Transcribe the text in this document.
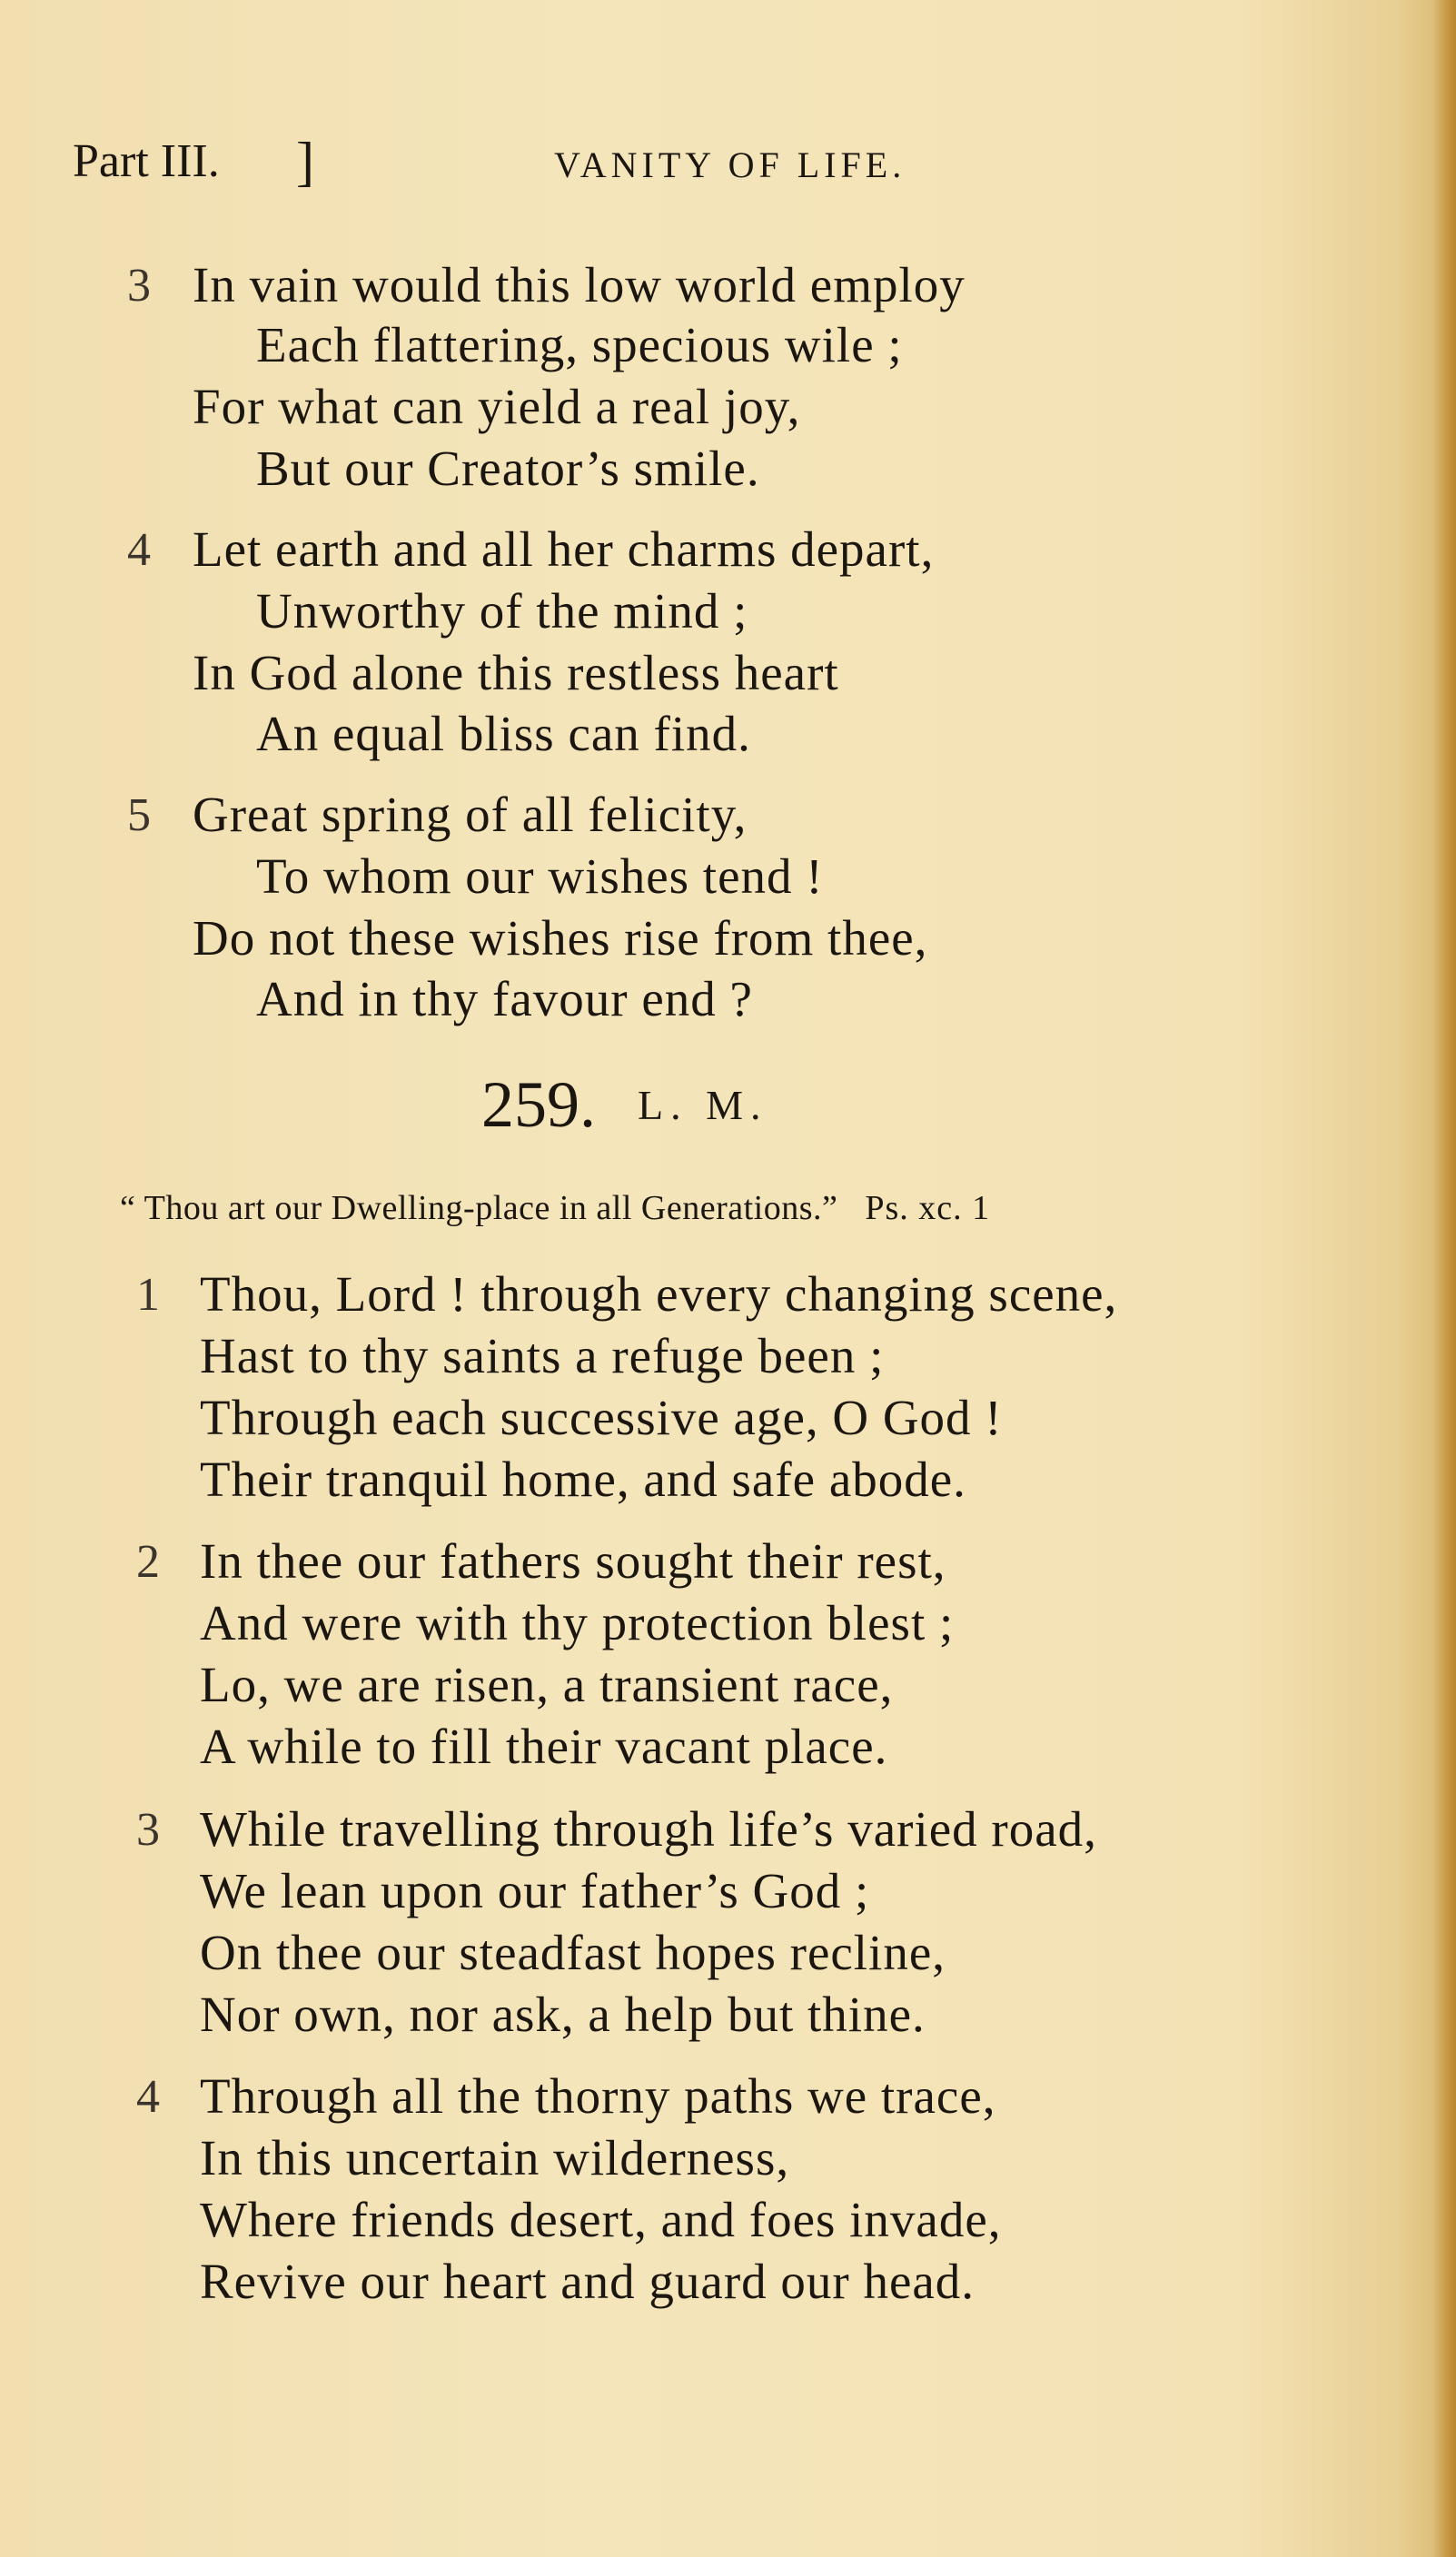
Part III. ]	VANITY OF LIFE.
3 In vain would this low world employ
Each flattering, specious wile ;
For what can yield a real joy,
But our Creator’s smile.
4 Let earth and all her charms depart,
Unworthy of the mind ;
In God alone this restless heart
An equal bliss can find.
5 Great spring of all felicity,
To whom our wishes tend !
Do not these wishes rise from thee,
And in thy favour end ?
259. L. M.
“ Thou art our Dwelling-place in all Generations.” Ps. xc. 1
1 Thou, Lord ! through every changing scene,
Hast to thy saints a refuge been ;
Through each successive age, O God !
Their tranquil home, and safe abode.
2 In thee our fathers sought their rest,
And were with thy protection blest ;
Lo, we are risen, a transient race,
A while to fill their vacant place.
3 While travelling through life’s varied road,
We lean upon our father’s God ;
On thee our steadfast hopes recline,
Nor own, nor ask, a help but thine.
4 Through all the thorny paths we trace,
In this uncertain wilderness,
Where friends desert, and foes invade,
Revive our heart and guard our head.
